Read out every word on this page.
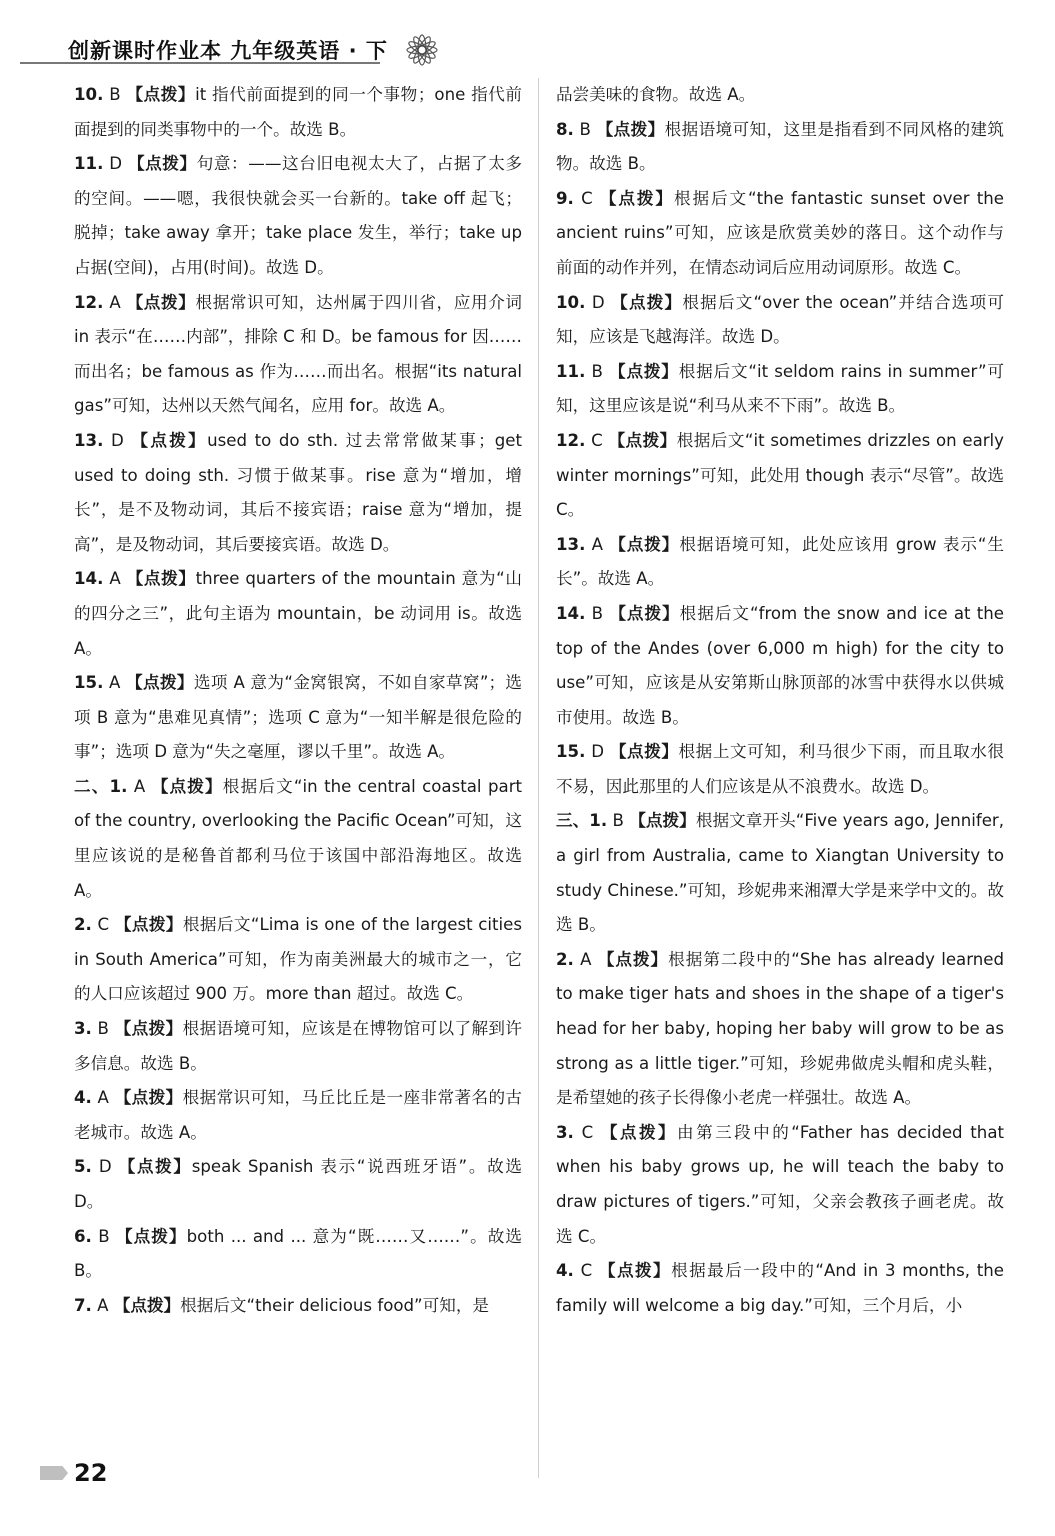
创新课时作业本 九年级英语 · 下

10. B 【点拨】it 指代前面提到的同一个事物；one 指代前面提到的同类事物中的一个。故选 B。

11. D 【点拨】句意：——这台旧电视太大了，占据了太多的空间。——嗯，我很快就会买一台新的。take off 起飞；脱掉；take away 拿开；take place 发生，举行；take up 占据(空间)，占用(时间)。故选 D。

12. A 【点拨】根据常识可知，达州属于四川省，应用介词 in 表示“在……内部”，排除 C 和 D。be famous for 因……而出名；be famous as 作为……而出名。根据“its natural gas”可知，达州以天然气闻名，应用 for。故选 A。

13. D 【点拨】used to do sth. 过去常常做某事；get used to doing sth. 习惯于做某事。rise 意为“增加，增长”，是不及物动词，其后不接宾语；raise 意为“增加，提高”，是及物动词，其后要接宾语。故选 D。

14. A 【点拨】three quarters of the mountain 意为“山的四分之三”，此句主语为 mountain，be 动词用 is。故选 A。

15. A 【点拨】选项 A 意为“金窝银窝，不如自家草窝”；选项 B 意为“患难见真情”；选项 C 意为“一知半解是很危险的事”；选项 D 意为“失之毫厘，谬以千里”。故选 A。

二、1. A 【点拨】根据后文“in the central coastal part of the country, overlooking the Pacific Ocean”可知，这里应该说的是秘鲁首都利马位于该国中部沿海地区。故选 A。

2. C 【点拨】根据后文“Lima is one of the largest cities in South America”可知，作为南美洲最大的城市之一，它的人口应该超过 900 万。more than 超过。故选 C。

3. B 【点拨】根据语境可知，应该是在博物馆可以了解到许多信息。故选 B。

4. A 【点拨】根据常识可知，马丘比丘是一座非常著名的古老城市。故选 A。

5. D 【点拨】speak Spanish 表示“说西班牙语”。故选 D。

6. B 【点拨】both ... and ... 意为“既……又……”。故选 B。

7. A 【点拨】根据后文“their delicious food”可知，是

品尝美味的食物。故选 A。

8. B 【点拨】根据语境可知，这里是指看到不同风格的建筑物。故选 B。

9. C 【点拨】根据后文“the fantastic sunset over the ancient ruins”可知，应该是欣赏美妙的落日。这个动作与前面的动作并列，在情态动词后应用动词原形。故选 C。

10. D 【点拨】根据后文“over the ocean”并结合选项可知，应该是飞越海洋。故选 D。

11. B 【点拨】根据后文“it seldom rains in summer”可知，这里应该是说“利马从来不下雨”。故选 B。

12. C 【点拨】根据后文“it sometimes drizzles on early winter mornings”可知，此处用 though 表示“尽管”。故选 C。

13. A 【点拨】根据语境可知，此处应该用 grow 表示“生长”。故选 A。

14. B 【点拨】根据后文“from the snow and ice at the top of the Andes (over 6,000 m high) for the city to use”可知，应该是从安第斯山脉顶部的冰雪中获得水以供城市使用。故选 B。

15. D 【点拨】根据上文可知，利马很少下雨，而且取水很不易，因此那里的人们应该是从不浪费水。故选 D。

三、1. B 【点拨】根据文章开头“Five years ago, Jennifer, a girl from Australia, came to Xiangtan University to study Chinese.”可知，珍妮弗来湘潭大学是来学中文的。故选 B。

2. A 【点拨】根据第二段中的“She has already learned to make tiger hats and shoes in the shape of a tiger's head for her baby, hoping her baby will grow to be as strong as a little tiger.”可知，珍妮弗做虎头帽和虎头鞋，是希望她的孩子长得像小老虎一样强壮。故选 A。

3. C 【点拨】由第三段中的“Father has decided that when his baby grows up, he will teach the baby to draw pictures of tigers.”可知，父亲会教孩子画老虎。故选 C。

4. C 【点拨】根据最后一段中的“And in 3 months, the family will welcome a big day.”可知，三个月后，小

22
